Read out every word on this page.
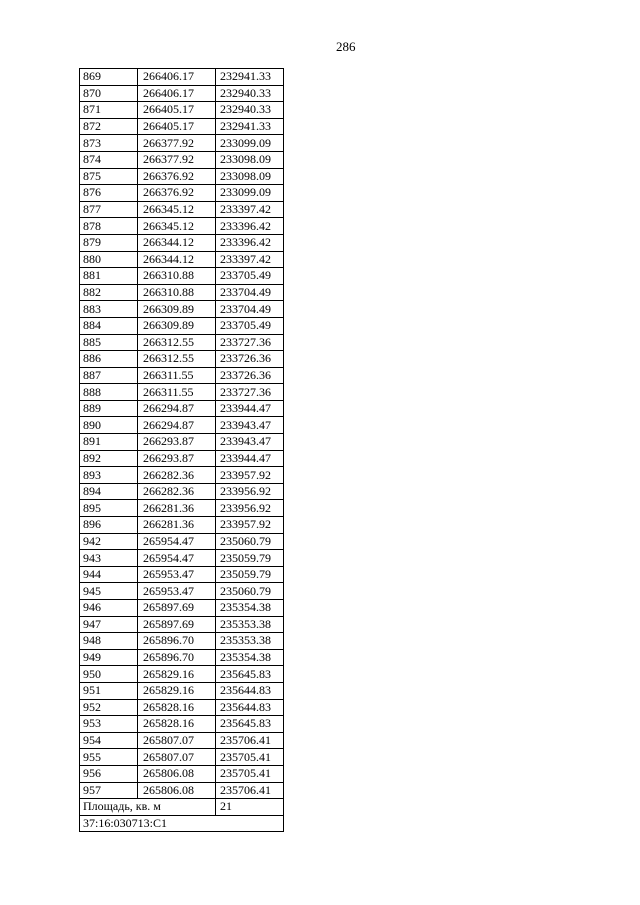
286
869	266406.17	232941.33
870	266406.17	232940.33
871	266405.17	232940.33
872	266405.17	232941.33
873	266377.92	233099.09
874	266377.92	233098.09
875	266376.92	233098.09
876	266376.92	233099.09
877	266345.12	233397.42
878	266345.12	233396.42
879	266344.12	233396.42
880	266344.12	233397.42
881	266310.88	233705.49
882	266310.88	233704.49
883	266309.89	233704.49
884	266309.89	233705.49
885	266312.55	233727.36
886	266312.55	233726.36
887	266311.55	233726.36
888	266311.55	233727.36
889	266294.87	233944.47
890	266294.87	233943.47
891	266293.87	233943.47
892	266293.87	233944.47
893	266282.36	233957.92
894	266282.36	233956.92
895	266281.36	233956.92
896	266281.36	233957.92
942	265954.47	235060.79
943	265954.47	235059.79
944	265953.47	235059.79
945	265953.47	235060.79
946	265897.69	235354.38
947	265897.69	235353.38
948	265896.70	235353.38
949	265896.70	235354.38
950	265829.16	235645.83
951	265829.16	235644.83
952	265828.16	235644.83
953	265828.16	235645.83
954	265807.07	235706.41
955	265807.07	235705.41
956	265806.08	235705.41
957	265806.08	235706.41
Площадь, кв. м		21
37:16:030713:С1		
